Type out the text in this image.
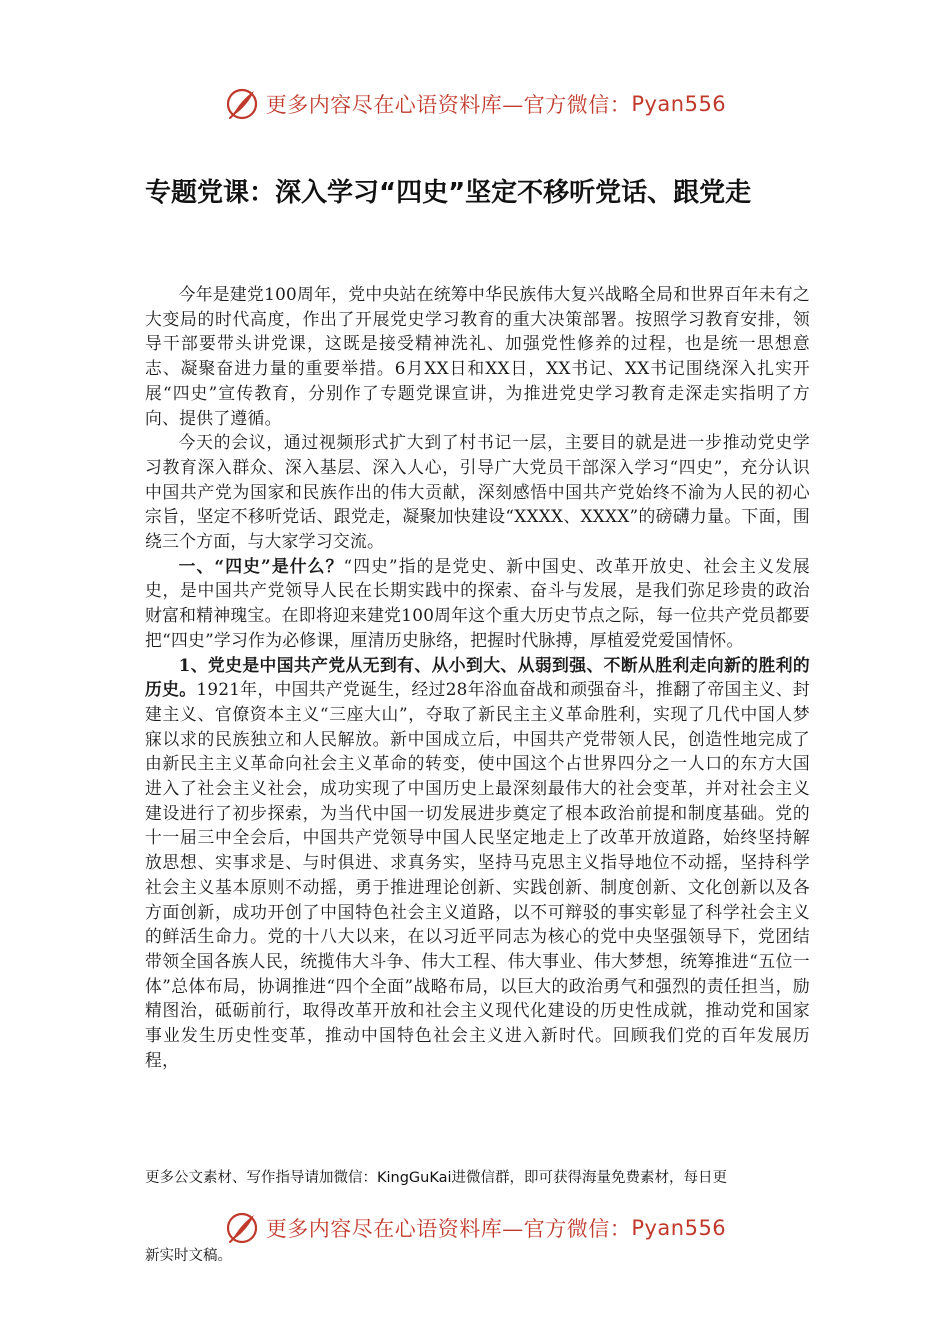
更多内容尽在心语资料库—官方微信： Pyan556
专题党课：深入学习“四史”坚定不移听党话、跟党走

今年是建党100周年，党中央站在统筹中华民族伟大复兴战略全局和世界百年未有之大变局的时代高度，作出了开展党史学习教育的重大决策部署。按照学习教育安排，领导干部要带头讲党课，这既是接受精神洗礼、加强党性修养的过程，也是统一思想意志、凝聚奋进力量的重要举措。6月XX日和XX日，XX书记、XX书记围绕深入扎实开展“四史”宣传教育，分别作了专题党课宣讲，为推进党史学习教育走深走实指明了方向、提供了遵循。

今天的会议，通过视频形式扩大到了村书记一层，主要目的就是进一步推动党史学习教育深入群众、深入基层、深入人心，引导广大党员干部深入学习“四史”，充分认识中国共产党为国家和民族作出的伟大贡献，深刻感悟中国共产党始终不渝为人民的初心宗旨，坚定不移听党话、跟党走，凝聚加快建设“XXXX、XXXX”的磅礴力量。下面，围绕三个方面，与大家学习交流。

一、“四史”是什么？“四史”指的是党史、新中国史、改革开放史、社会主义发展史，是中国共产党领导人民在长期实践中的探索、奋斗与发展，是我们弥足珍贵的政治财富和精神瑰宝。在即将迎来建党100周年这个重大历史节点之际，每一位共产党员都要把“四史”学习作为必修课，厘清历史脉络，把握时代脉搏，厚植爱党爱国情怀。

1、党史是中国共产党从无到有、从小到大、从弱到强、不断从胜利走向新的胜利的历史。1921年，中国共产党诞生，经过28年浴血奋战和顽强奋斗，推翻了帝国主义、封建主义、官僚资本主义“三座大山”，夺取了新民主主义革命胜利，实现了几代中国人梦寐以求的民族独立和人民解放。新中国成立后，中国共产党带领人民，创造性地完成了由新民主主义革命向社会主义革命的转变，使中国这个占世界四分之一人口的东方大国进入了社会主义社会，成功实现了中国历史上最深刻最伟大的社会变革，并对社会主义建设进行了初步探索，为当代中国一切发展进步奠定了根本政治前提和制度基础。党的十一届三中全会后，中国共产党领导中国人民坚定地走上了改革开放道路，始终坚持解放思想、实事求是、与时俱进、求真务实，坚持马克思主义指导地位不动摇，坚持科学社会主义基本原则不动摇，勇于推进理论创新、实践创新、制度创新、文化创新以及各方面创新，成功开创了中国特色社会主义道路，以不可辩驳的事实彰显了科学社会主义的鲜活生命力。党的十八大以来，在以习近平同志为核心的党中央坚强领导下，党团结带领全国各族人民，统揽伟大斗争、伟大工程、伟大事业、伟大梦想，统筹推进“五位一体”总体布局，协调推进“四个全面”战略布局，以巨大的政治勇气和强烈的责任担当，励精图治，砥砺前行，取得改革开放和社会主义现代化建设的历史性成就，推动党和国家事业发生历史性变革，推动中国特色社会主义进入新时代。回顾我们党的百年发展历程，

更多公文素材、写作指导请加微信：KingGuKai进微信群，即可获得海量免费素材，每日更

更多内容尽在心语资料库—官方微信： Pyan556

新实时文稿。
